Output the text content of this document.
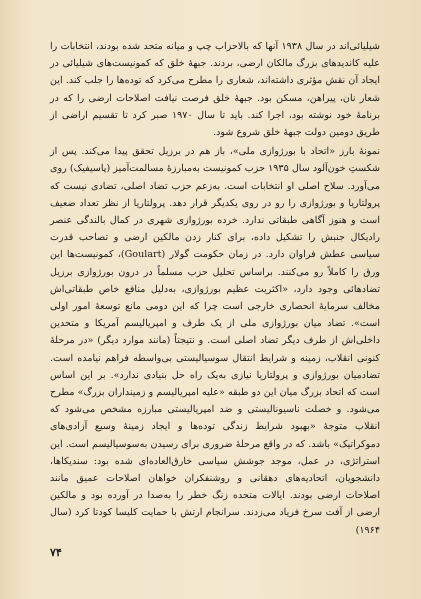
شیلیائی‌اند در سال ۱۹۳۸ آنها که بالاحزاب چپ و میانه متحد شده بودند، انتخابات را علیه کاندیدهای بزرگ مالکان ارضی، بردند. جبههٔ خلق که کمونیست‌های شیلیائی در ایجاد آن نقش مؤثری داشته‌اند، شعاری را مطرح می‌کرد که توده‌ها را جلب کند. این شعار نان، پیراهن، مسکن بود. جبههٔ خلق فرصت نیافت اصلاحات ارضی را که در برنامهٔ خود نوشته بود، اجرا کند. باید تا سال ۱۹۷۰ صبر کرد تا تقسیم اراضی از طریق دومین دولت جبههٔ خلق شروع شود.

نمونهٔ بارز «اتحاد با بورژوازی ملی»، باز هم در برزیل تحقق پیدا می‌کند. پس از شکستِ خون‌آلود سال ۱۹۳۵ حزب کمونیست به‌مبارزهٔ مسالمت‌آمیز (پاسیفیک) روی می‌آورد. سلاح اصلی او انتخابات است. به‌زعم حزب تضاد اصلی، تضادی نیست که پرولتاریا و بورژوازی را رو در روی یکدیگر قرار دهد. پرولتاریا از نظر تعداد ضعیف است و هنوز آگاهی طبقاتی ندارد. خرده بورژوازی شهری در کمال بالندگی عنصر رادیکال جنبش را تشکیل داده، برای کنار زدن مالکین ارضی و تصاحب قدرت سیاسی عطش فراوان دارد. در زمان حکومت گولار (Goulart)، کمونیست‌ها این ورق را کاملاً رو می‌کنند. براساس تحلیل حزب مسلماً در درون بورژوازی برزیل تضادهائی وجود دارد، «اکثریت عظیم بورژوازی، به‌دلیل منافع خاص طبقاتی‌اش مخالف سرمایهٔ انحصاری خارجی است چرا که این دومی مانع توسعهٔ امور اولی است». تضاد میان بورژوازی ملی از یک طرف و امپریالیسم آمریکا و متحدین داخلی‌اش از طرف دیگر تضاد اصلی است. و نتیجتاً (مانند موارد دیگر) «در مرحلهٔ کنونی انقلاب، زمینه و شرایط انتقال سوسیالیستی بی‌واسطه فراهم نیامده است. تضادمیان بورژوازی و پرولتاریا نیازی به‌یک راه حل بنیادی ندارد». بر این اساس است که اتحاد بزرگ میان این دو طبقه «علیه امپریالیسم و زمینداران بزرگ» مطرح می‌شود. و خصلت ناسیونالیستی و ضد امپریالیستی مبارزه مشخص می‌شود که انقلاب متوجهٔ «بهبود شرایط زندگی توده‌ها و ایجاد زمینهٔ وسیع آزادی‌های دموکراتیک» باشد. که در واقع مرحلهٔ ضروری برای رسیدن به‌سوسیالیسم است. این استراتژی، در عمل، موجد جوشش سیاسی خارق‌العاده‌ای شده بود: سندیکاها، دانشجویان، اتحادیه‌های دهقانی و روشنفکران خواهان اصلاحات عمیق مانند اصلاحات ارضی بودند. ایالات متحده زنگ خطر را به‌صدا در آورده بود و مالکین ارضی از آفت سرخ فریاد می‌زدند. سرانجام ارتش با حمایت کلیسا کودتا کرد (سال ۱۹۶۴)

۷۴
